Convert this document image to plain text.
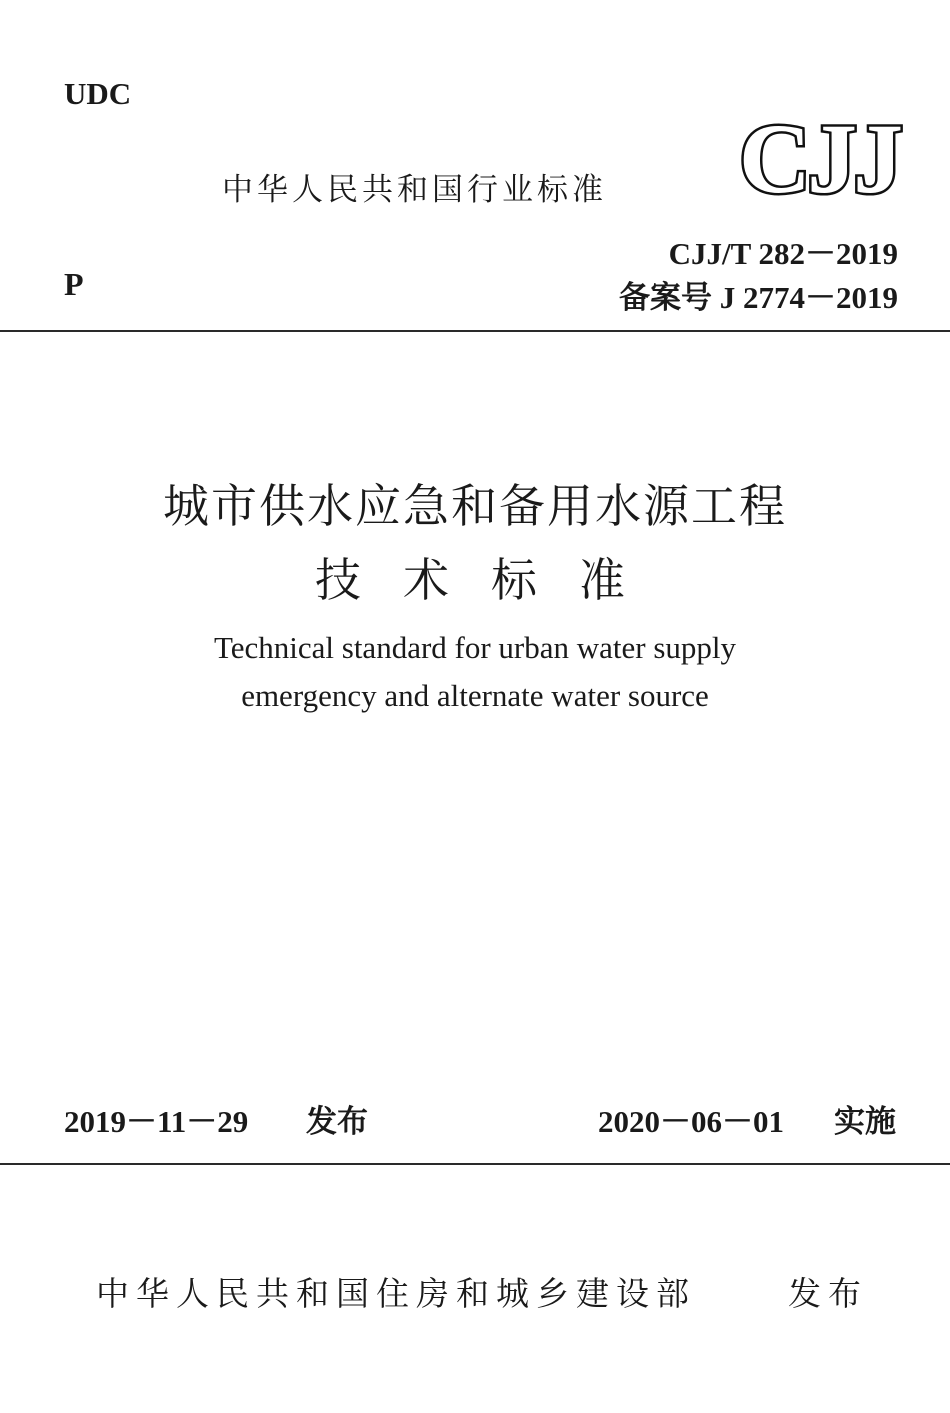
UDC
P
中华人民共和国行业标准 CJJ
CJJ/T 282－2019
备案号 J 2774－2019
城市供水应急和备用水源工程
技术标准
Technical standard for urban water supply
emergency and alternate water source
2019－11－29 发布	2020－06－01 实施
中华人民共和国住房和城乡建设部	发布
